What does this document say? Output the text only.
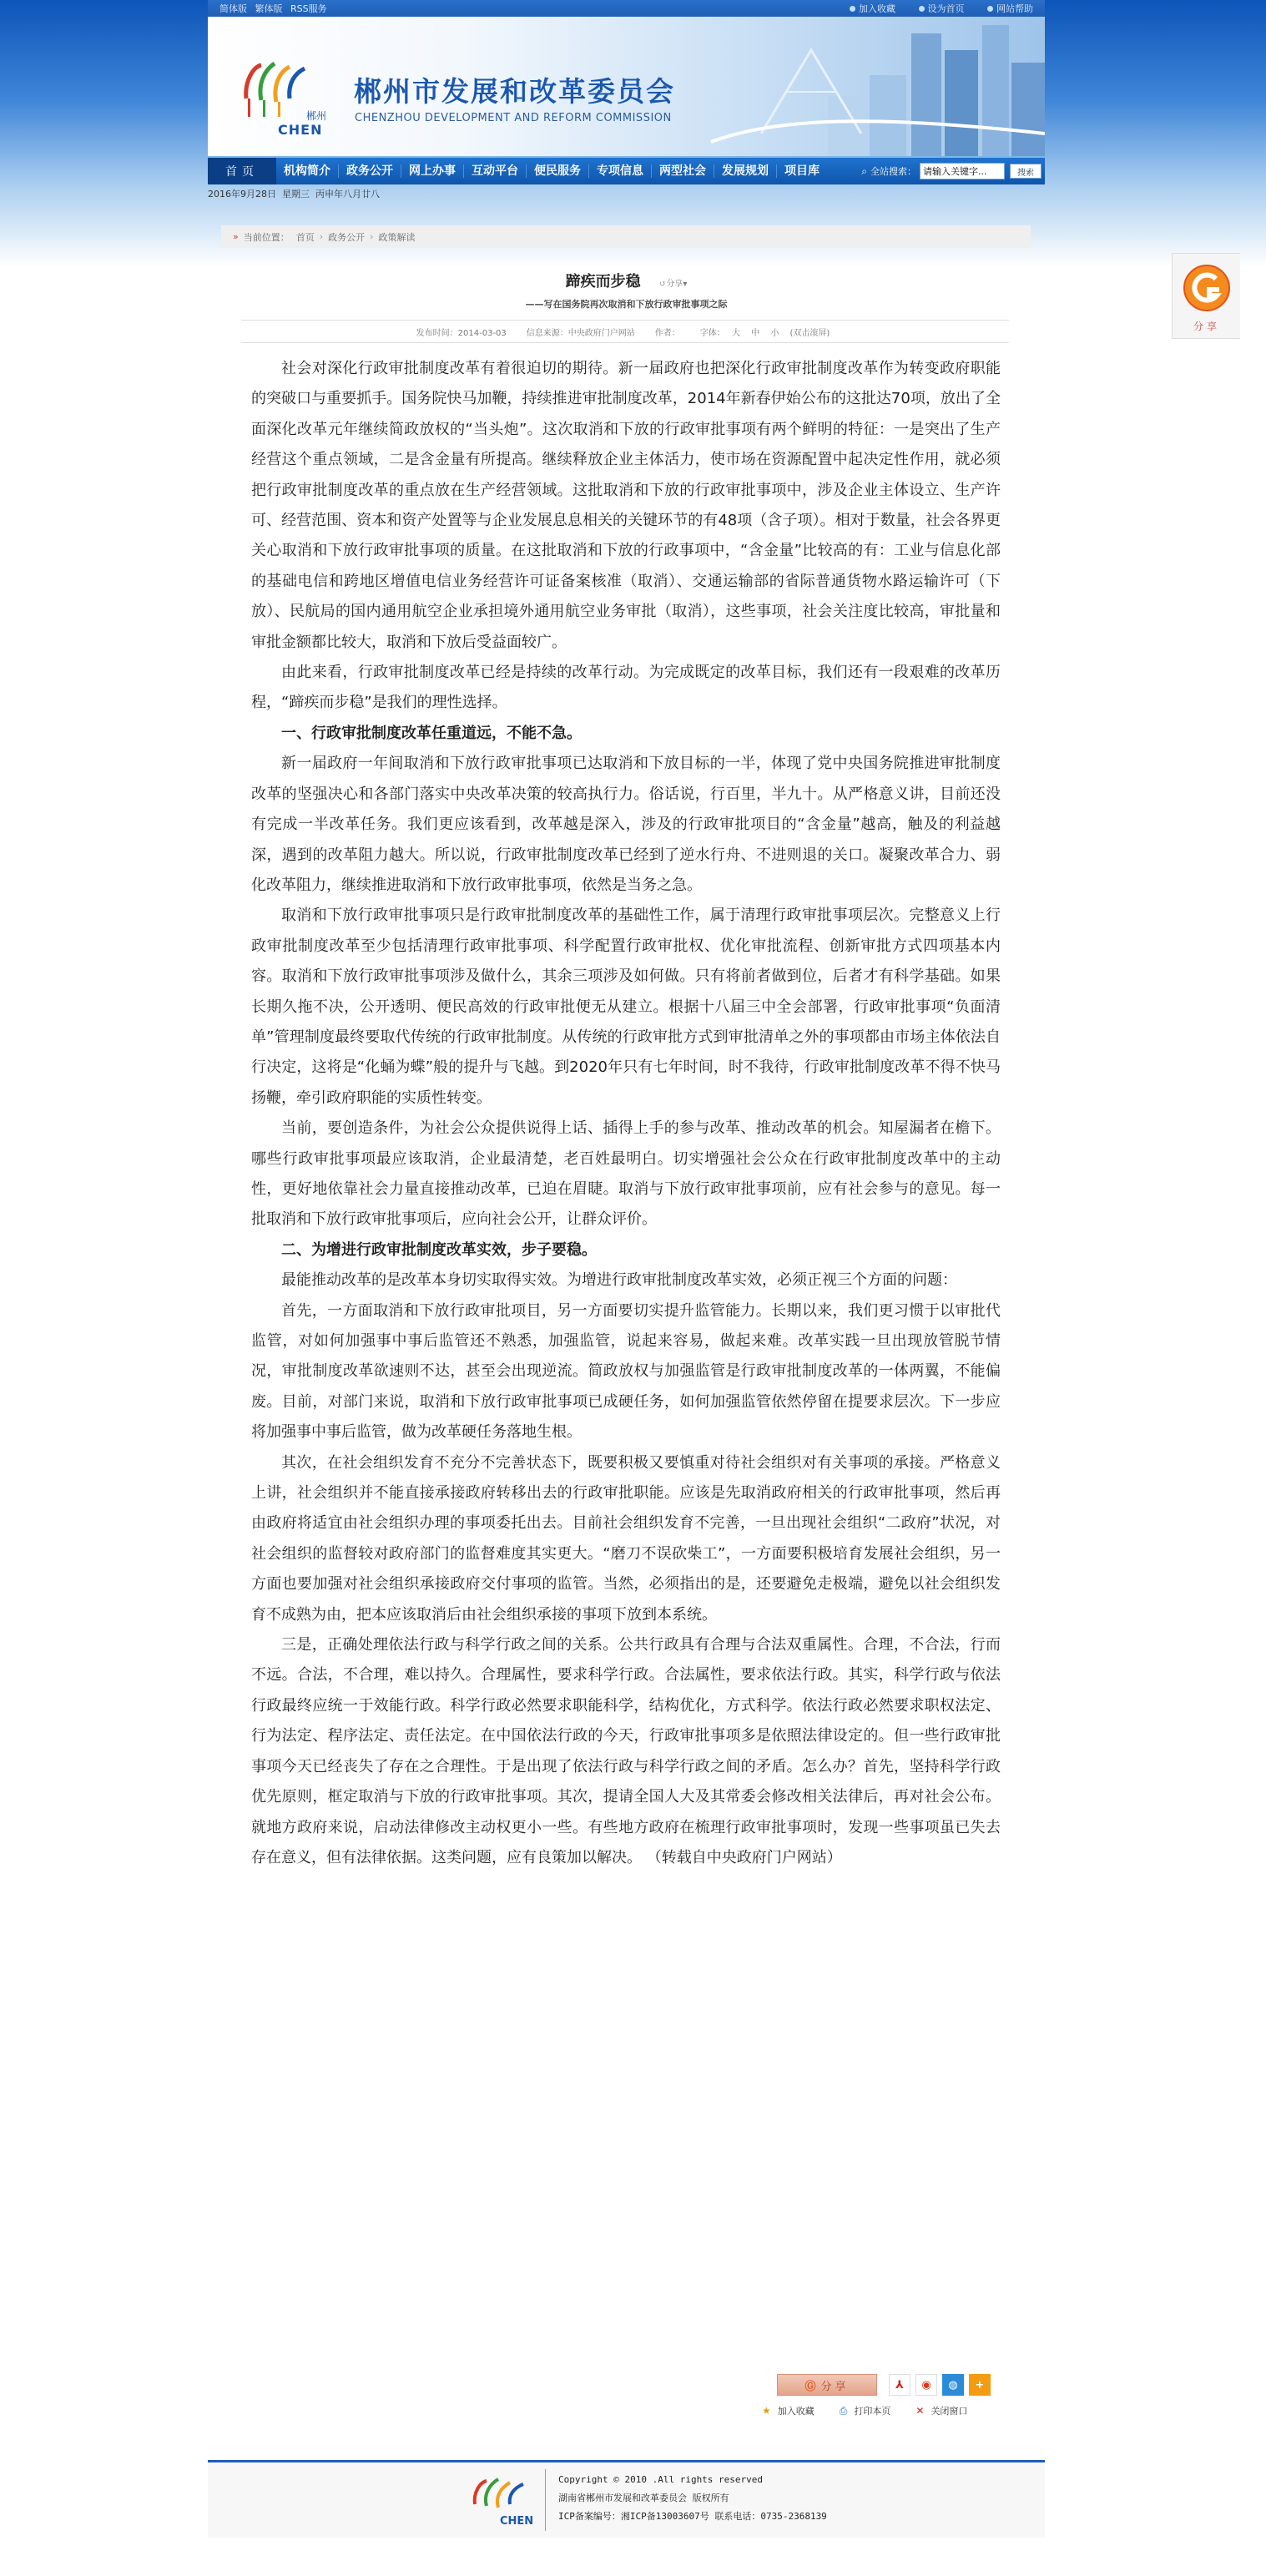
分享
简体版 繁体版 RSS服务	加入收藏	设为首页	网站帮助
郴州
CHEN
郴州市发展和改革委员会
CHENZHOU DEVELOPMENT AND REFORM COMMISSION
首页	机构简介	政务公开	网上办事	互动平台	便民服务	专项信息	两型社会	发展规划	项目库	⌕ 全站搜索：
请输入关键字...	搜索
2016年9月28日 星期三 丙申年八月廿八
» 当前位置： 首页 › 政务公开 › 政策解读
蹄疾而步稳 ↺分享▾
——写在国务院再次取消和下放行政审批事项之际
发布时间：2014-03-03 信息来源：中央政府门户网站 作者： 字体： 大 中 小 (双击滚屏)

社会对深化行政审批制度改革有着很迫切的期待。新一届政府也把深化行政审批制度改革作为转变政府职能的突破口与重要抓手。国务院快马加鞭，持续推进审批制度改革，2014年新春伊始公布的这批达70项，放出了全面深化改革元年继续简政放权的“当头炮”。这次取消和下放的行政审批事项有两个鲜明的特征：一是突出了生产经营这个重点领域，二是含金量有所提高。继续释放企业主体活力，使市场在资源配置中起决定性作用，就必须把行政审批制度改革的重点放在生产经营领域。这批取消和下放的行政审批事项中，涉及企业主体设立、生产许可、经营范围、资本和资产处置等与企业发展息息相关的关键环节的有48项（含子项）。相对于数量，社会各界更关心取消和下放行政审批事项的质量。在这批取消和下放的行政事项中，“含金量”比较高的有：工业与信息化部的基础电信和跨地区增值电信业务经营许可证备案核准（取消）、交通运输部的省际普通货物水路运输许可（下放）、民航局的国内通用航空企业承担境外通用航空业务审批（取消），这些事项，社会关注度比较高，审批量和审批金额都比较大，取消和下放后受益面较广。

由此来看，行政审批制度改革已经是持续的改革行动。为完成既定的改革目标，我们还有一段艰难的改革历程，“蹄疾而步稳”是我们的理性选择。

一、行政审批制度改革任重道远，不能不急。

新一届政府一年间取消和下放行政审批事项已达取消和下放目标的一半，体现了党中央国务院推进审批制度改革的坚强决心和各部门落实中央改革决策的较高执行力。俗话说，行百里，半九十。从严格意义讲，目前还没有完成一半改革任务。我们更应该看到，改革越是深入，涉及的行政审批项目的“含金量”越高，触及的利益越深，遇到的改革阻力越大。所以说，行政审批制度改革已经到了逆水行舟、不进则退的关口。凝聚改革合力、弱化改革阻力，继续推进取消和下放行政审批事项，依然是当务之急。

取消和下放行政审批事项只是行政审批制度改革的基础性工作，属于清理行政审批事项层次。完整意义上行政审批制度改革至少包括清理行政审批事项、科学配置行政审批权、优化审批流程、创新审批方式四项基本内容。取消和下放行政审批事项涉及做什么，其余三项涉及如何做。只有将前者做到位，后者才有科学基础。如果长期久拖不决，公开透明、便民高效的行政审批便无从建立。根据十八届三中全会部署，行政审批事项“负面清单”管理制度最终要取代传统的行政审批制度。从传统的行政审批方式到审批清单之外的事项都由市场主体依法自行决定，这将是“化蛹为蝶”般的提升与飞越。到2020年只有七年时间，时不我待，行政审批制度改革不得不快马扬鞭，牵引政府职能的实质性转变。

当前，要创造条件，为社会公众提供说得上话、插得上手的参与改革、推动改革的机会。知屋漏者在檐下。哪些行政审批事项最应该取消，企业最清楚，老百姓最明白。切实增强社会公众在行政审批制度改革中的主动性，更好地依靠社会力量直接推动改革，已迫在眉睫。取消与下放行政审批事项前，应有社会参与的意见。每一批取消和下放行政审批事项后，应向社会公开，让群众评价。

二、为增进行政审批制度改革实效，步子要稳。

最能推动改革的是改革本身切实取得实效。为增进行政审批制度改革实效，必须正视三个方面的问题：

首先，一方面取消和下放行政审批项目，另一方面要切实提升监管能力。长期以来，我们更习惯于以审批代监管，对如何加强事中事后监管还不熟悉，加强监管，说起来容易，做起来难。改革实践一旦出现放管脱节情况，审批制度改革欲速则不达，甚至会出现逆流。简政放权与加强监管是行政审批制度改革的一体两翼，不能偏废。目前，对部门来说，取消和下放行政审批事项已成硬任务，如何加强监管依然停留在提要求层次。下一步应将加强事中事后监管，做为改革硬任务落地生根。

其次，在社会组织发育不充分不完善状态下，既要积极又要慎重对待社会组织对有关事项的承接。严格意义上讲，社会组织并不能直接承接政府转移出去的行政审批职能。应该是先取消政府相关的行政审批事项，然后再由政府将适宜由社会组织办理的事项委托出去。目前社会组织发育不完善，一旦出现社会组织“二政府”状况，对社会组织的监督较对政府部门的监督难度其实更大。“磨刀不误砍柴工”，一方面要积极培育发展社会组织，另一方面也要加强对社会组织承接政府交付事项的监管。当然，必须指出的是，还要避免走极端，避免以社会组织发育不成熟为由，把本应该取消后由社会组织承接的事项下放到本系统。

三是，正确处理依法行政与科学行政之间的关系。公共行政具有合理与合法双重属性。合理，不合法，行而不远。合法，不合理，难以持久。合理属性，要求科学行政。合法属性，要求依法行政。其实，科学行政与依法行政最终应统一于效能行政。科学行政必然要求职能科学，结构优化，方式科学。依法行政必然要求职权法定、行为法定、程序法定、责任法定。在中国依法行政的今天，行政审批事项多是依照法律设定的。但一些行政审批事项今天已经丧失了存在之合理性。于是出现了依法行政与科学行政之间的矛盾。怎么办？首先，坚持科学行政优先原则，框定取消与下放的行政审批事项。其次，提请全国人大及其常委会修改相关法律后，再对社会公布。就地方政府来说，启动法律修改主动权更小一些。有些地方政府在梳理行政审批事项时，发现一些事项虽已失去存在意义，但有法律依据。这类问题，应有良策加以解决。 （转载自中央政府门户网站）

Ⓖ 分享	⅄	◉	◍	+
★ 加入收藏	⎙ 打印本页	✕ 关闭窗口
CHEN
Copyright © 2010 .All rights reserved
湖南省郴州市发展和改革委员会 版权所有
ICP备案编号：湘ICP备13003607号 联系电话：0735-2368139
